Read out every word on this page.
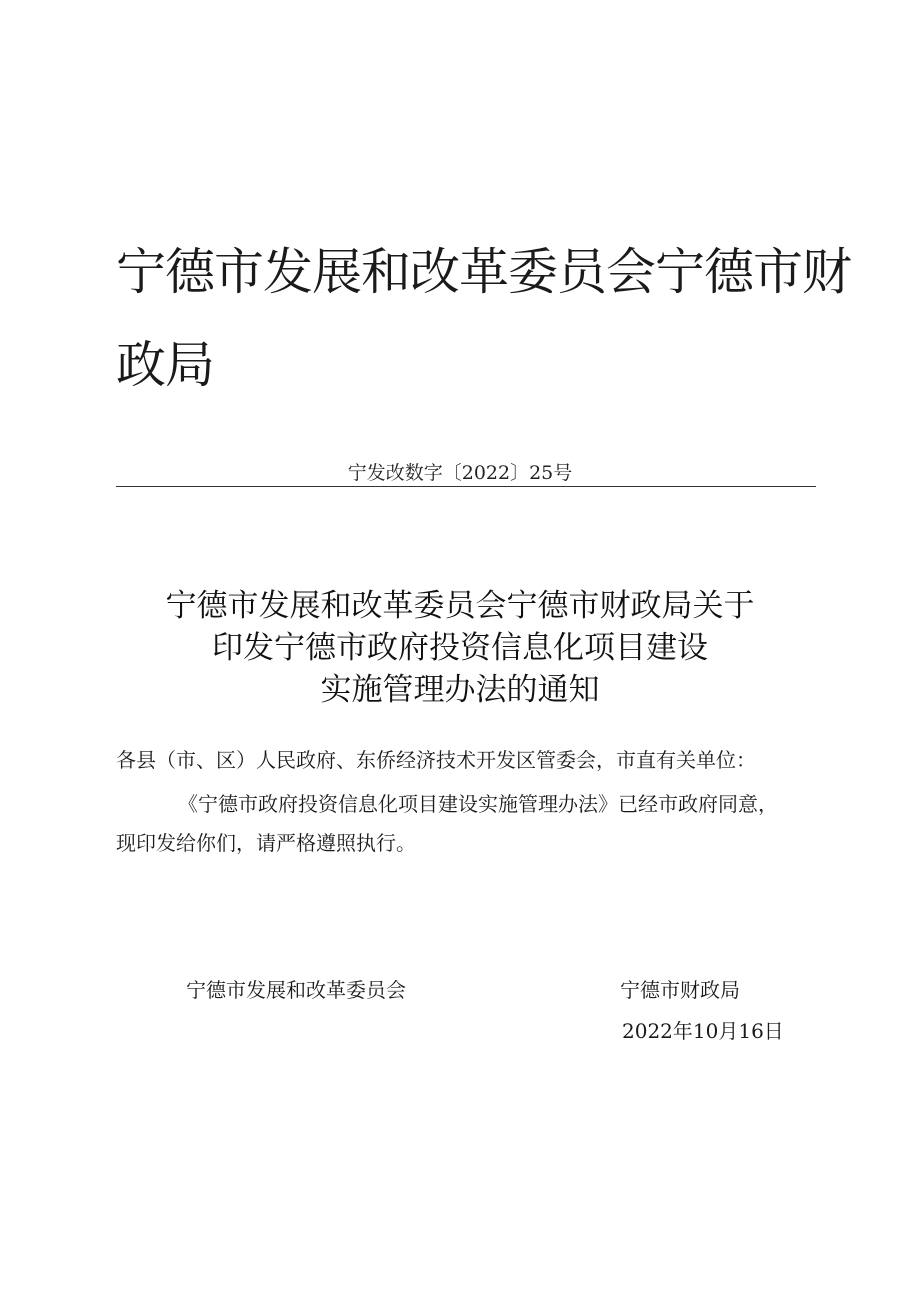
宁德市发展和改革委员会宁德市财
政局
宁发改数字〔2022〕25号
宁德市发展和改革委员会宁德市财政局关于
印发宁德市政府投资信息化项目建设
实施管理办法的通知
各县（市、区）人民政府、东侨经济技术开发区管委会，市直有关单位：
《宁德市政府投资信息化项目建设实施管理办法》已经市政府同意，
现印发给你们，请严格遵照执行。
宁德市发展和改革委员会	宁德市财政局
2022年10月16日
